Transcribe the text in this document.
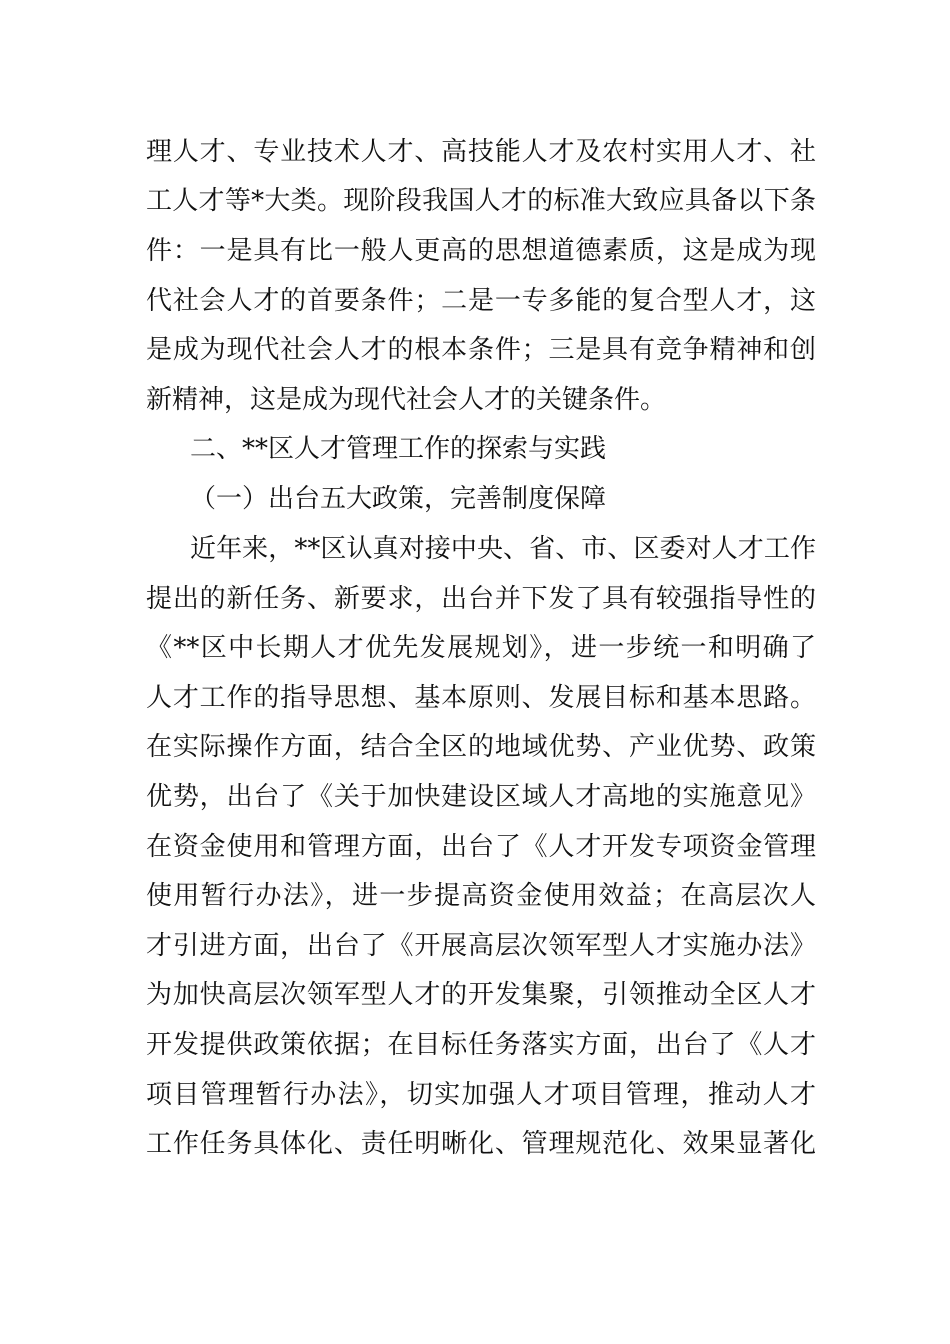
理人才、专业技术人才、高技能人才及农村实用人才、社
工人才等*大类。现阶段我国人才的标准大致应具备以下条
件：一是具有比一般人更高的思想道德素质，这是成为现
代社会人才的首要条件；二是一专多能的复合型人才，这
是成为现代社会人才的根本条件；三是具有竞争精神和创
新精神，这是成为现代社会人才的关键条件。
二、**区人才管理工作的探索与实践
（一）出台五大政策，完善制度保障
近年来，**区认真对接中央、省、市、区委对人才工作
提出的新任务、新要求，出台并下发了具有较强指导性的
《**区中长期人才优先发展规划》，进一步统一和明确了
人才工作的指导思想、基本原则、发展目标和基本思路。
在实际操作方面，结合全区的地域优势、产业优势、政策
优势，出台了《关于加快建设区域人才高地的实施意见》
在资金使用和管理方面，出台了《人才开发专项资金管理
使用暂行办法》，进一步提高资金使用效益；在高层次人
才引进方面，出台了《开展高层次领军型人才实施办法》
为加快高层次领军型人才的开发集聚，引领推动全区人才
开发提供政策依据；在目标任务落实方面，出台了《人才
项目管理暂行办法》，切实加强人才项目管理，推动人才
工作任务具体化、责任明晰化、管理规范化、效果显著化
